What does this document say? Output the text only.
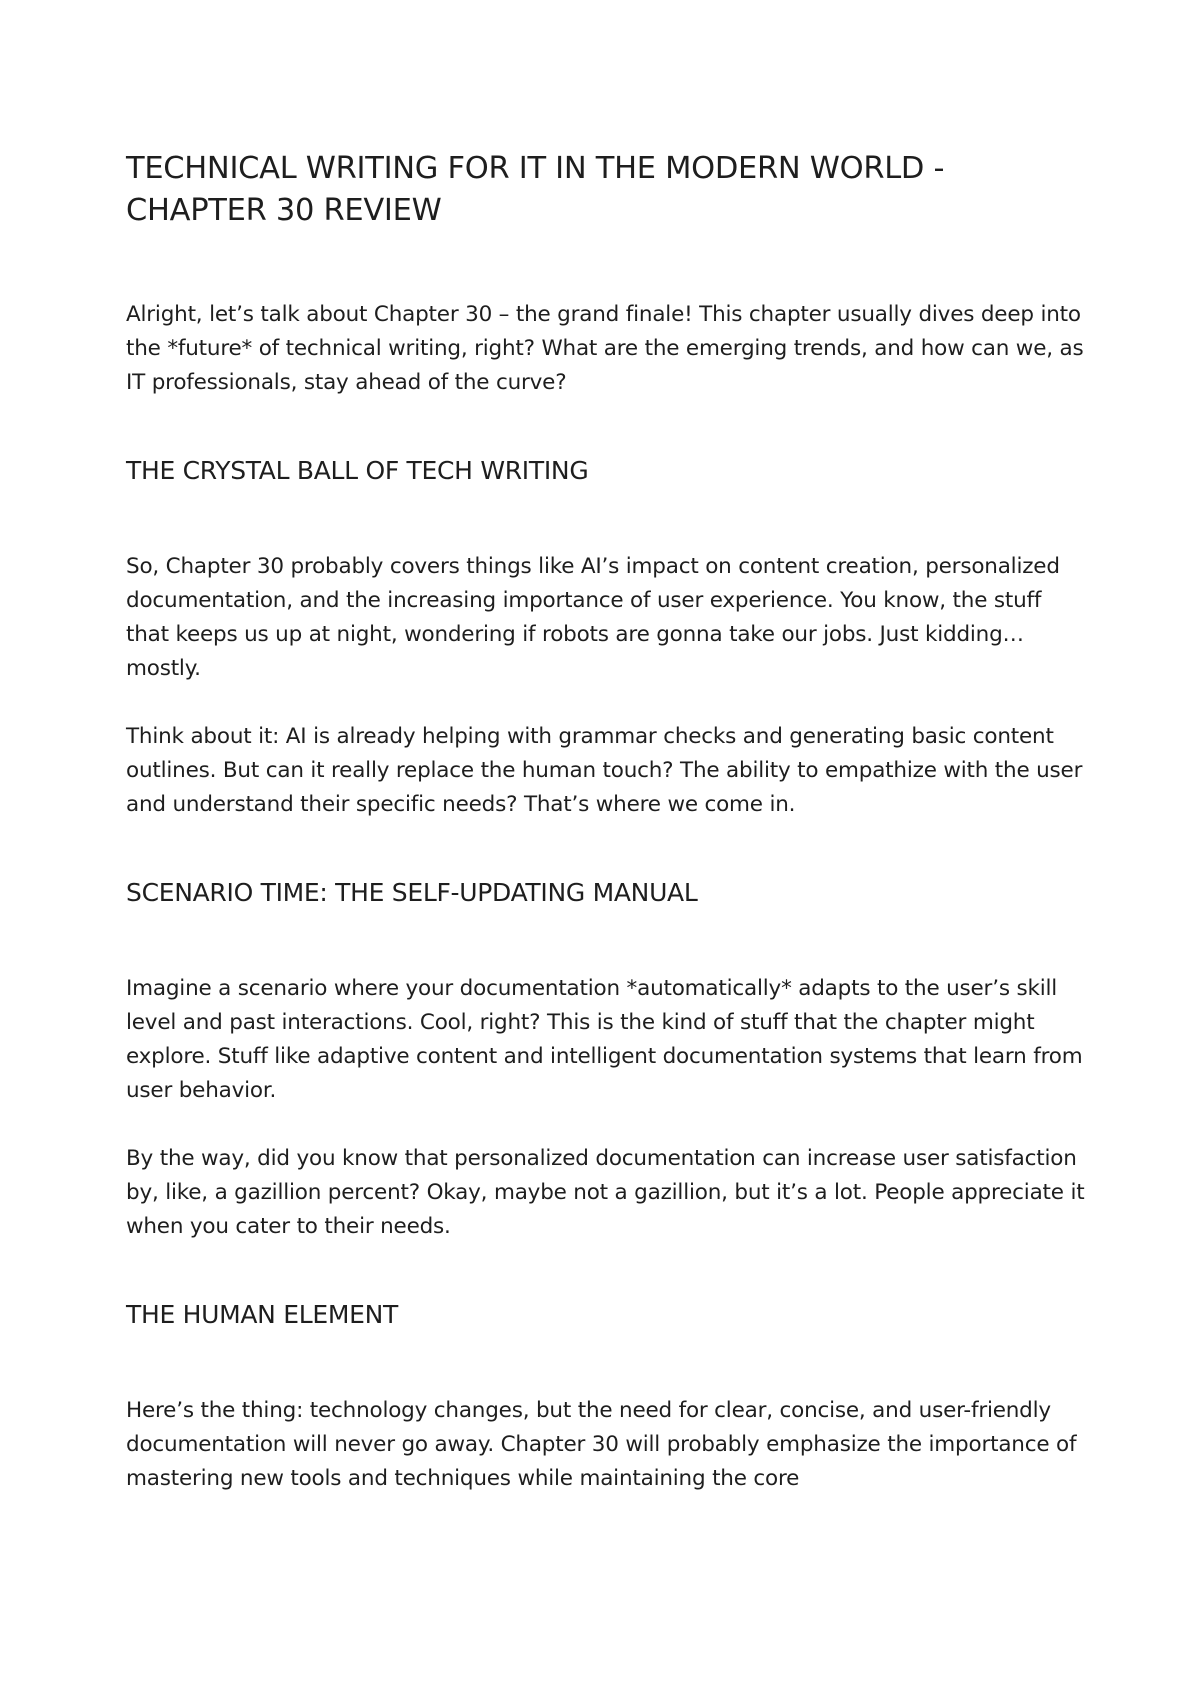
TECHNICAL WRITING FOR IT IN THE MODERN WORLD - CHAPTER 30 REVIEW

Alright, let’s talk about Chapter 30 – the grand finale! This chapter usually dives deep into the *future* of technical writing, right? What are the emerging trends, and how can we, as IT professionals, stay ahead of the curve?

THE CRYSTAL BALL OF TECH WRITING

So, Chapter 30 probably covers things like AI’s impact on content creation, personalized documentation, and the increasing importance of user experience. You know, the stuff that keeps us up at night, wondering if robots are gonna take our jobs. Just kidding… mostly.

Think about it: AI is already helping with grammar checks and generating basic content outlines. But can it really replace the human touch? The ability to empathize with the user and understand their specific needs? That’s where we come in.

SCENARIO TIME: THE SELF-UPDATING MANUAL

Imagine a scenario where your documentation *automatically* adapts to the user’s skill level and past interactions. Cool, right? This is the kind of stuff that the chapter might explore. Stuff like adaptive content and intelligent documentation systems that learn from user behavior.

By the way, did you know that personalized documentation can increase user satisfaction by, like, a gazillion percent? Okay, maybe not a gazillion, but it’s a lot. People appreciate it when you cater to their needs.

THE HUMAN ELEMENT

Here’s the thing: technology changes, but the need for clear, concise, and user-friendly documentation will never go away. Chapter 30 will probably emphasize the importance of mastering new tools and techniques while maintaining the core
